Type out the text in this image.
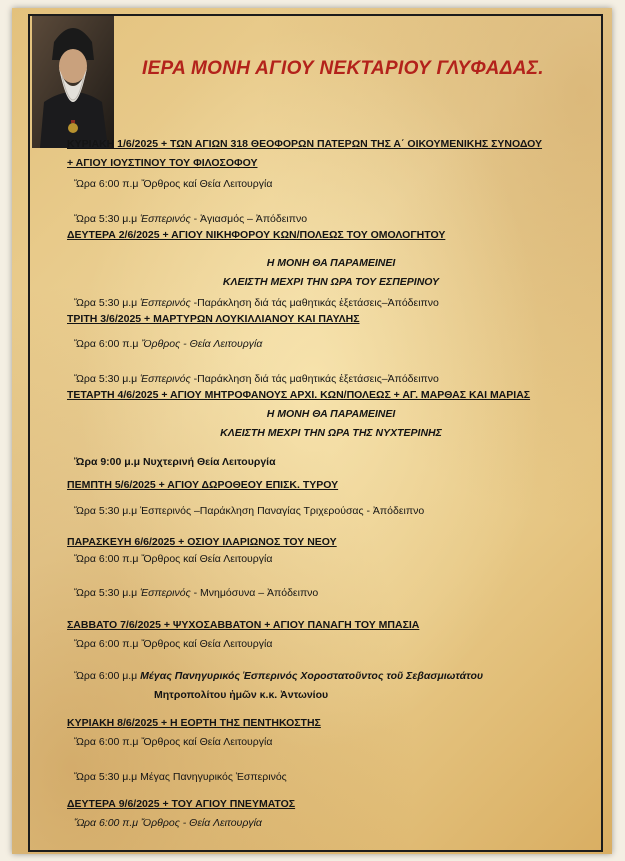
ΙΕΡΑ ΜΟΝΗ ΑΓΙΟΥ ΝΕΚΤΑΡΙΟΥ ΓΛΥΦΑΔΑΣ.
ΚΥΡΙΑΚΗ 1/6/2025 + ΤΩΝ ΑΓΙΩΝ 318 ΘΕΟΦΟΡΩΝ ΠΑΤΕΡΩΝ ΤΗΣ Α΄ ΟΙΚΟΥΜΕΝΙΚΗΣ ΣΥΝΟΔΟΥ
+ ΑΓΙΟΥ ΙΟΥΣΤΙΝΟΥ ΤΟΥ ΦΙΛΟΣΟΦΟΥ
Ὥρα 6:00 π.μ Ὄρθρος καί Θεία Λειτουργία
Ὥρα 5:30 μ.μ Ἑσπερινός - Ἁγιασμός – Ἀπόδειπνο
ΔΕΥΤΕΡΑ 2/6/2025 + ΑΓΙΟΥ ΝΙΚΗΦΟΡΟΥ ΚΩΝ/ΠΟΛΕΩΣ ΤΟΥ ΟΜΟΛΟΓΗΤΟΥ
Η ΜΟΝΗ ΘΑ ΠΑΡΑΜΕΙΝΕΙ
ΚΛΕΙΣΤΗ ΜΕΧΡΙ ΤΗΝ ΩΡΑ ΤΟΥ ΕΣΠΕΡΙΝΟΥ
Ὥρα 5:30 μ.μ Ἑσπερινός -Παράκληση διά τάς μαθητικάς ἐξετάσεις–Ἀπόδειπνο
ΤΡΙΤΗ 3/6/2025 + ΜΑΡΤΥΡΩΝ ΛΟΥΚΙΛΛΙΑΝΟΥ ΚΑΙ ΠΑΥΛΗΣ
Ὥρα 6:00 π.μ Ὄρθρος - Θεία Λειτουργία
Ὥρα 5:30 μ.μ Ἑσπερινός -Παράκληση διά τάς μαθητικάς ἐξετάσεις–Ἀπόδειπνο
ΤΕΤΑΡΤΗ 4/6/2025 + ΑΓΙΟΥ ΜΗΤΡΟΦΑΝΟΥΣ ΑΡΧΙ. ΚΩΝ/ΠΟΛΕΩΣ + ΑΓ. ΜΑΡΘΑΣ ΚΑΙ ΜΑΡΙΑΣ
Η ΜΟΝΗ ΘΑ ΠΑΡΑΜΕΙΝΕΙ
ΚΛΕΙΣΤΗ ΜΕΧΡΙ ΤΗΝ ΩΡΑ ΤΗΣ ΝΥΧΤΕΡΙΝΗΣ
Ὥρα 9:00 μ.μ Νυχτερινή Θεία Λειτουργία
ΠΕΜΠΤΗ 5/6/2025 + ΑΓΙΟΥ ΔΩΡΟΘΕΟΥ ΕΠΙΣΚ. ΤΥΡΟΥ
Ὥρα 5:30 μ.μ Ἑσπερινός –Παράκληση Παναγίας Τριχερούσας - Ἀπόδειπνο
ΠΑΡΑΣΚΕΥΗ 6/6/2025 + ΟΣΙΟΥ ΙΛΑΡΙΩΝΟΣ ΤΟΥ ΝΕΟΥ
Ὥρα 6:00 π.μ Ὄρθρος καί Θεία Λειτουργία
Ὥρα 5:30 μ.μ Ἑσπερινός - Μνημόσυνα – Ἀπόδειπνο
ΣΑΒΒΑΤΟ 7/6/2025 + ΨΥΧΟΣΑΒΒΑΤΟΝ + ΑΓΙΟΥ ΠΑΝΑΓΗ ΤΟΥ ΜΠΑΣΙΑ
Ὥρα 6:00 π.μ Ὄρθρος καί Θεία Λειτουργία
Ὥρα 6:00 μ.μ Μέγας Πανηγυρικός Ἑσπερινός Χοροστατοῦντος τοῦ Σεβασμιωτάτου
Μητροπολίτου ἡμῶν κ.κ. Ἀντωνίου
ΚΥΡΙΑΚΗ 8/6/2025 + Η ΕΟΡΤΗ ΤΗΣ ΠΕΝΤΗΚΟΣΤΗΣ
Ὥρα 6:00 π.μ Ὄρθρος καί Θεία Λειτουργία
Ὥρα 5:30 μ.μ Μέγας Πανηγυρικός Ἑσπερινός
ΔΕΥΤΕΡΑ 9/6/2025 + ΤΟΥ ΑΓΙΟΥ ΠΝΕΥΜΑΤΟΣ
Ὥρα 6:00 π.μ Ὄρθρος - Θεία Λειτουργία
